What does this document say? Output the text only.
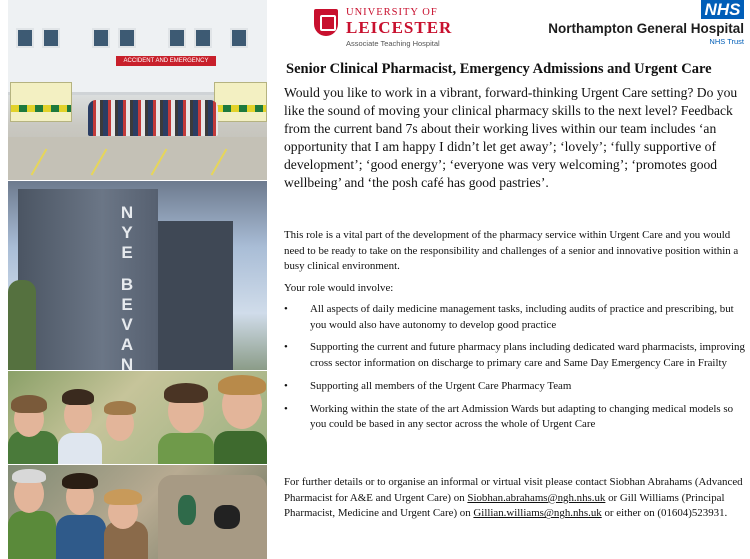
ACCIDENT AND EMERGENCY
N
Y
E
B
E
V
A
N
UNIVERSITY OF
LEICESTER
Associate Teaching Hospital
NHS
Northampton General Hospital
NHS Trust
Senior Clinical Pharmacist, Emergency Admissions and Urgent Care

Would you like to work in a vibrant, forward-thinking Urgent Care setting? Do you like the sound of moving your clinical pharmacy skills to the next level? Feedback from the current band 7s about their working lives within our team includes ‘an opportunity that I am happy I didn’t let get away’; ‘lovely’; ‘fully supportive of development’; ‘good energy’; ‘everyone was very welcoming’; ‘promotes good wellbeing’ and ‘the posh café has good pastries’.

This role is a vital part of the development of the pharmacy service within Urgent Care and you would need to be ready to take on the responsibility and challenges of a senior and innovative position within a busy clinical environment.

Your role would involve:

• All aspects of daily medicine management tasks, including audits of practice and prescribing, but you would also have autonomy to develop good practice
• Supporting the current and future pharmacy plans including dedicated ward pharmacists, improving cross sector information on discharge to primary care and Same Day Emergency Care in Frailty
• Supporting all members of the Urgent Care Pharmacy Team
• Working within the state of the art Admission Wards but adapting to changing medical models so you could be based in any sector across the whole of Urgent Care

For further details or to organise an informal or virtual visit please contact Siobhan Abrahams (Advanced Pharmacist for A&E and Urgent Care) on Siobhan.abrahams@ngh.nhs.uk or Gill Williams (Principal Pharmacist, Medicine and Urgent Care) on Gillian.williams@ngh.nhs.uk or either on (01604)523931.
